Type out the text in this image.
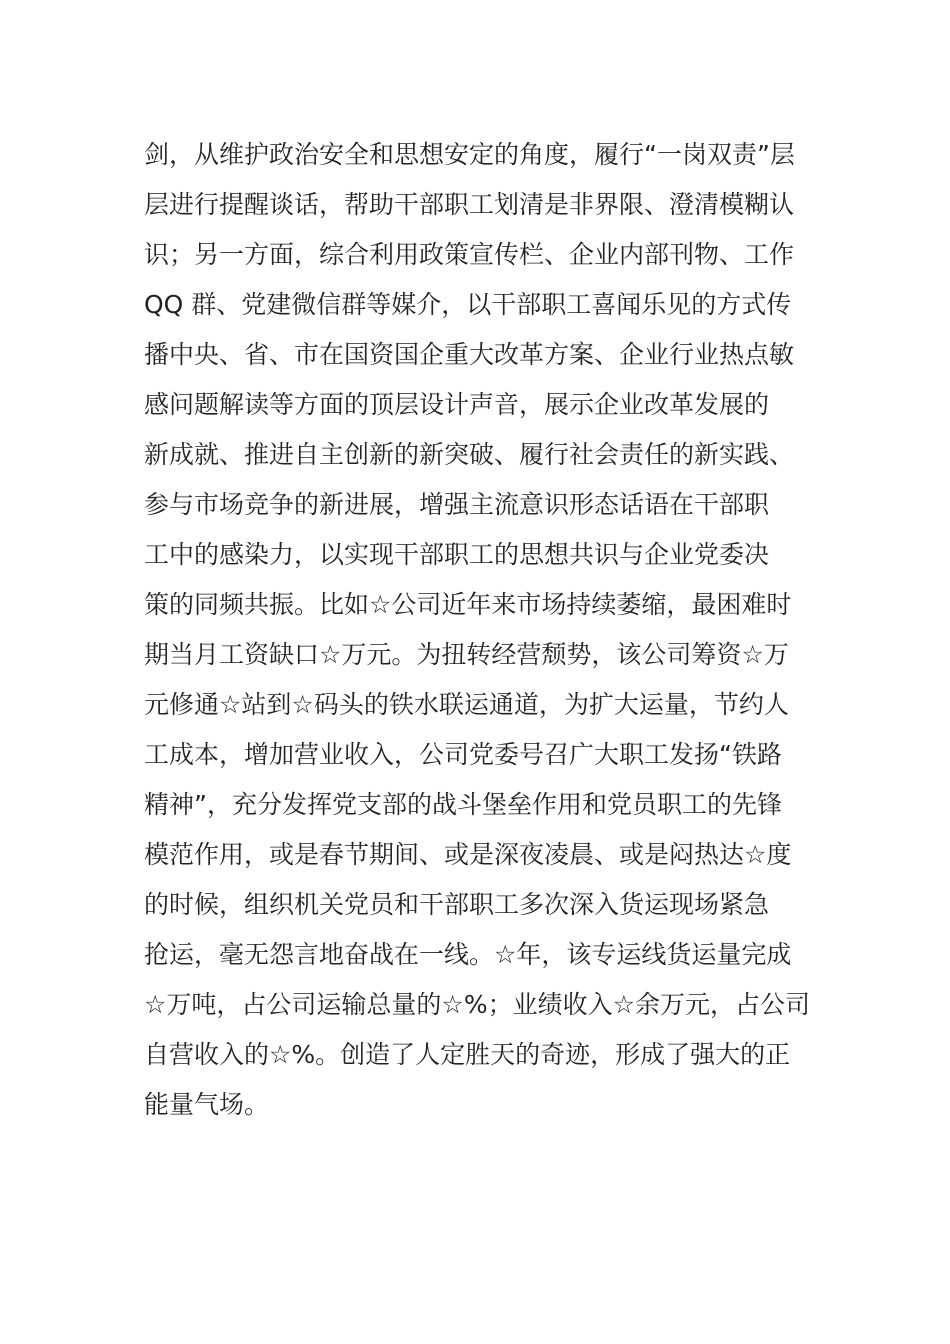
剑，从维护政治安全和思想安定的角度，履行“一岗双责”层
层进行提醒谈话，帮助干部职工划清是非界限、澄清模糊认
识；另一方面，综合利用政策宣传栏、企业内部刊物、工作
QQ 群、党建微信群等媒介，以干部职工喜闻乐见的方式传
播中央、省、市在国资国企重大改革方案、企业行业热点敏
感问题解读等方面的顶层设计声音，展示企业改革发展的
新成就、推进自主创新的新突破、履行社会责任的新实践、
参与市场竞争的新进展，增强主流意识形态话语在干部职
工中的感染力，以实现干部职工的思想共识与企业党委决
策的同频共振。比如☆公司近年来市场持续萎缩，最困难时
期当月工资缺口☆万元。为扭转经营颓势，该公司筹资☆万
元修通☆站到☆码头的铁水联运通道，为扩大运量，节约人
工成本，增加营业收入，公司党委号召广大职工发扬“铁路
精神”，充分发挥党支部的战斗堡垒作用和党员职工的先锋
模范作用，或是春节期间、或是深夜凌晨、或是闷热达☆度
的时候，组织机关党员和干部职工多次深入货运现场紧急
抢运，毫无怨言地奋战在一线。☆年，该专运线货运量完成
☆万吨，占公司运输总量的☆%；业绩收入☆余万元，占公司
自营收入的☆%。创造了人定胜天的奇迹，形成了强大的正
能量气场。
